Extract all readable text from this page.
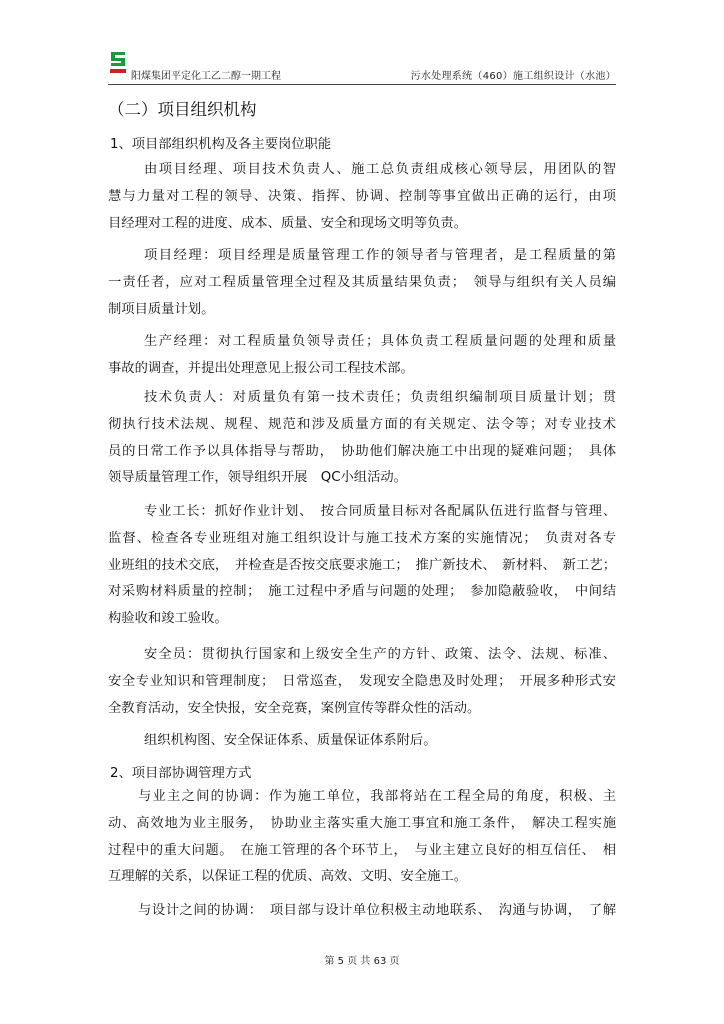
阳煤集团平定化工乙二醇一期工程	污水处理系统（460）施工组织设计（水池）
（二）项目组织机构
1、项目部组织机构及各主要岗位职能
由项目经理、项目技术负责人、施工总负责组成核心领导层，用团队的智
慧与力量对工程的领导、决策、指挥、协调、控制等事宜做出正确的运行，由项
目经理对工程的进度、成本、质量、安全和现场文明等负责。
项目经理：项目经理是质量管理工作的领导者与管理者，是工程质量的第
一责任者，应对工程质量管理全过程及其质量结果负责；　领导与组织有关人员编
制项目质量计划。
生产经理：对工程质量负领导责任；具体负责工程质量问题的处理和质量
事故的调查，并提出处理意见上报公司工程技术部。
技术负责人：对质量负有第一技术责任；负责组织编制项目质量计划；贯
彻执行技术法规、规程、规范和涉及质量方面的有关规定、法令等；对专业技术
员的日常工作予以具体指导与帮助，　协助他们解决施工中出现的疑难问题；　具体
领导质量管理工作，领导组织开展　QC小组活动。
专业工长：抓好作业计划、　按合同质量目标对各配属队伍进行监督与管理、
监督、检查各专业班组对施工组织设计与施工技术方案的实施情况；　负责对各专
业班组的技术交底，　并检查是否按交底要求施工；　推广新技术、　新材料、　新工艺；
对采购材料质量的控制；　施工过程中矛盾与问题的处理；　参加隐蔽验收，　中间结
构验收和竣工验收。
安全员：贯彻执行国家和上级安全生产的方针、政策、法令、法规、标准、
安全专业知识和管理制度；　日常巡查，　发现安全隐患及时处理；　开展多种形式安
全教育活动，安全快报，安全竞赛，案例宣传等群众性的活动。
组织机构图、安全保证体系、质量保证体系附后。
2、项目部协调管理方式
与业主之间的协调：作为施工单位，我部将站在工程全局的角度，积极、主
动、高效地为业主服务，　协助业主落实重大施工事宜和施工条件，　解决工程实施
过程中的重大问题。　在施工管理的各个环节上，　与业主建立良好的相互信任、　相
互理解的关系，以保证工程的优质、高效、文明、安全施工。
与设计之间的协调：　项目部与设计单位积极主动地联系、　沟通与协调，　了解
第 5 页 共 63 页
